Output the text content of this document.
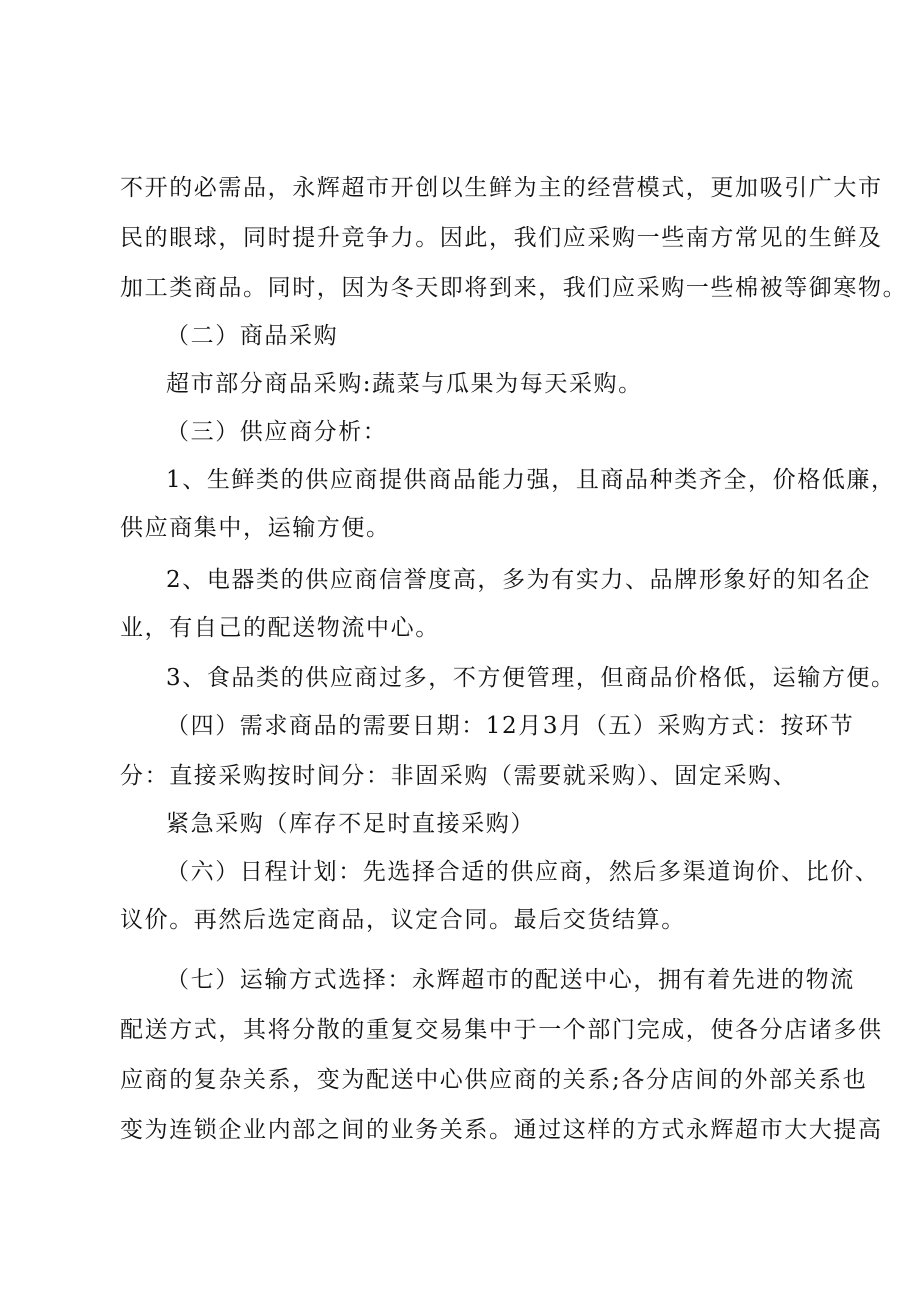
不开的必需品，永辉超市开创以生鲜为主的经营模式，更加吸引广大市
民的眼球，同时提升竞争力。因此，我们应采购一些南方常见的生鲜及
加工类商品。同时，因为冬天即将到来，我们应采购一些棉被等御寒物。
（二）商品采购
超市部分商品采购:蔬菜与瓜果为每天采购。
（三）供应商分析：
1、生鲜类的供应商提供商品能力强，且商品种类齐全，价格低廉，
供应商集中，运输方便。
2、电器类的供应商信誉度高，多为有实力、品牌形象好的知名企
业，有自己的配送物流中心。
3、食品类的供应商过多，不方便管理，但商品价格低，运输方便。
（四）需求商品的需要日期：12月3月（五）采购方式：按环节
分：直接采购按时间分：非固采购（需要就采购）、固定采购、
紧急采购（库存不足时直接采购）
（六）日程计划：先选择合适的供应商，然后多渠道询价、比价、
议价。再然后选定商品，议定合同。最后交货结算。
（七）运输方式选择：永辉超市的配送中心，拥有着先进的物流
配送方式，其将分散的重复交易集中于一个部门完成，使各分店诸多供
应商的复杂关系，变为配送中心供应商的关系;各分店间的外部关系也
变为连锁企业内部之间的业务关系。通过这样的方式永辉超市大大提高
